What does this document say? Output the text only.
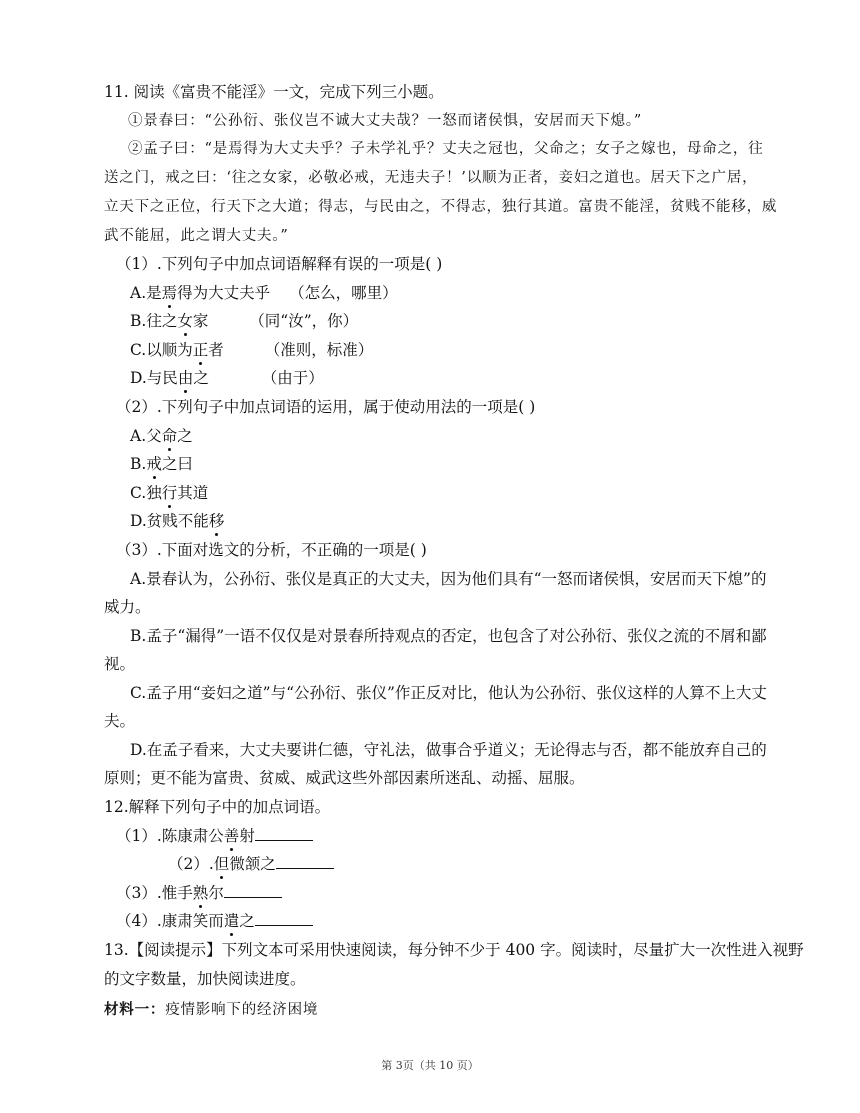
11. 阅读《富贵不能淫》一文，完成下列三小题。
①景春曰：“公孙衍、张仪岂不诚大丈夫哉？一怒而诸侯惧，安居而天下熄。”
②孟子曰：“是焉得为大丈夫乎？子未学礼乎？丈夫之冠也，父命之；女子之嫁也，母命之，往
送之门，戒之曰：‘往之女家，必敬必戒，无违夫子！’以顺为正者，妾妇之道也。居天下之广居，
立天下之正位，行天下之大道；得志，与民由之，不得志，独行其道。富贵不能淫，贫贱不能移，威
武不能屈，此之谓大丈夫。”
（1）.下列句子中加点词语解释有误的一项是( )
A.是焉得为大丈夫乎 （怎么，哪里）
B.往之女家	（同“汝”，你）
C.以顺为正者	（准则，标准）
D.与民由之	（由于）
（2）.下列句子中加点词语的运用，属于使动用法的一项是( )
A.父命之
B.戒之曰
C.独行其道
D.贫贱不能移
（3）.下面对选文的分析，不正确的一项是( )
A.景春认为，公孙衍、张仪是真正的大丈夫，因为他们具有“一怒而诸侯惧，安居而天下熄”的
威力。
B.孟子“漏得”一语不仅仅是对景春所持观点的否定，也包含了对公孙衍、张仪之流的不屑和鄙
视。
C.孟子用“妾妇之道”与“公孙衍、张仪”作正反对比，他认为公孙衍、张仪这样的人算不上大丈
夫。
D.在孟子看来，大丈夫要讲仁德，守礼法，做事合乎道义；无论得志与否，都不能放弃自己的
原则；更不能为富贵、贫威、威武这些外部因素所迷乱、动摇、屈服。
12.解释下列句子中的加点词语。
（1）.陈康肃公善射
（2）.但微颔之
（3）.惟手熟尔
（4）.康肃笑而遣之
13.【阅读提示】下列文本可采用快速阅读，每分钟不少于 400 字。阅读时，尽量扩大一次性进入视野
的文字数量，加快阅读进度。
材料一：疫情影响下的经济困境
第 3页（共 10 页）
